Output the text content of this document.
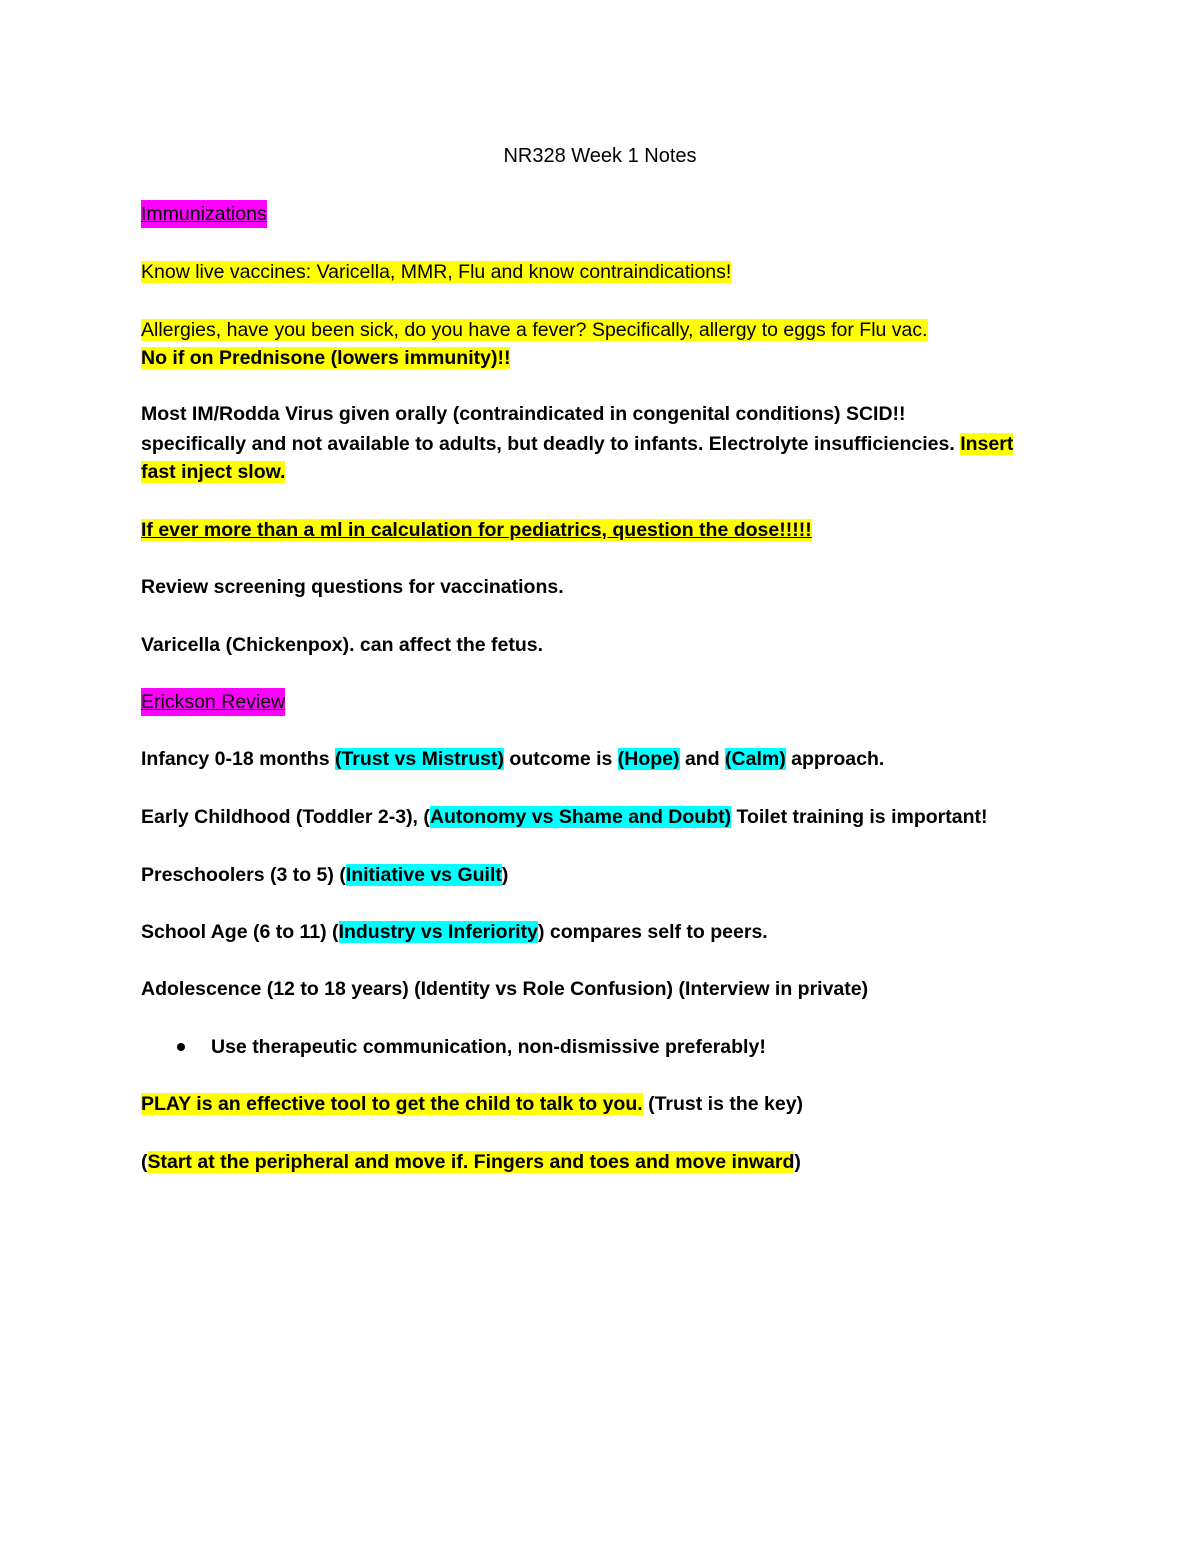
NR328 Week 1 Notes
Immunizations
Know live vaccines: Varicella, MMR, Flu and know contraindications!
Allergies, have you been sick, do you have a fever? Specifically, allergy to eggs for Flu vac.
No if on Prednisone (lowers immunity)!!
Most IM/Rodda Virus given orally (contraindicated in congenital conditions) SCID!!
specifically and not available to adults, but deadly to infants. Electrolyte insufficiencies. Insert
fast inject slow.
If ever more than a ml in calculation for pediatrics, question the dose!!!!!
Review screening questions for vaccinations.
Varicella (Chickenpox). can affect the fetus.
Erickson Review
Infancy 0-18 months (Trust vs Mistrust) outcome is (Hope) and (Calm) approach.
Early Childhood (Toddler 2-3), (Autonomy vs Shame and Doubt) Toilet training is important!
Preschoolers (3 to 5) (Initiative vs Guilt)
School Age (6 to 11) (Industry vs Inferiority) compares self to peers.
Adolescence (12 to 18 years) (Identity vs Role Confusion) (Interview in private)
Use therapeutic communication, non-dismissive preferably!
PLAY is an effective tool to get the child to talk to you. (Trust is the key)
(Start at the peripheral and move if. Fingers and toes and move inward)
